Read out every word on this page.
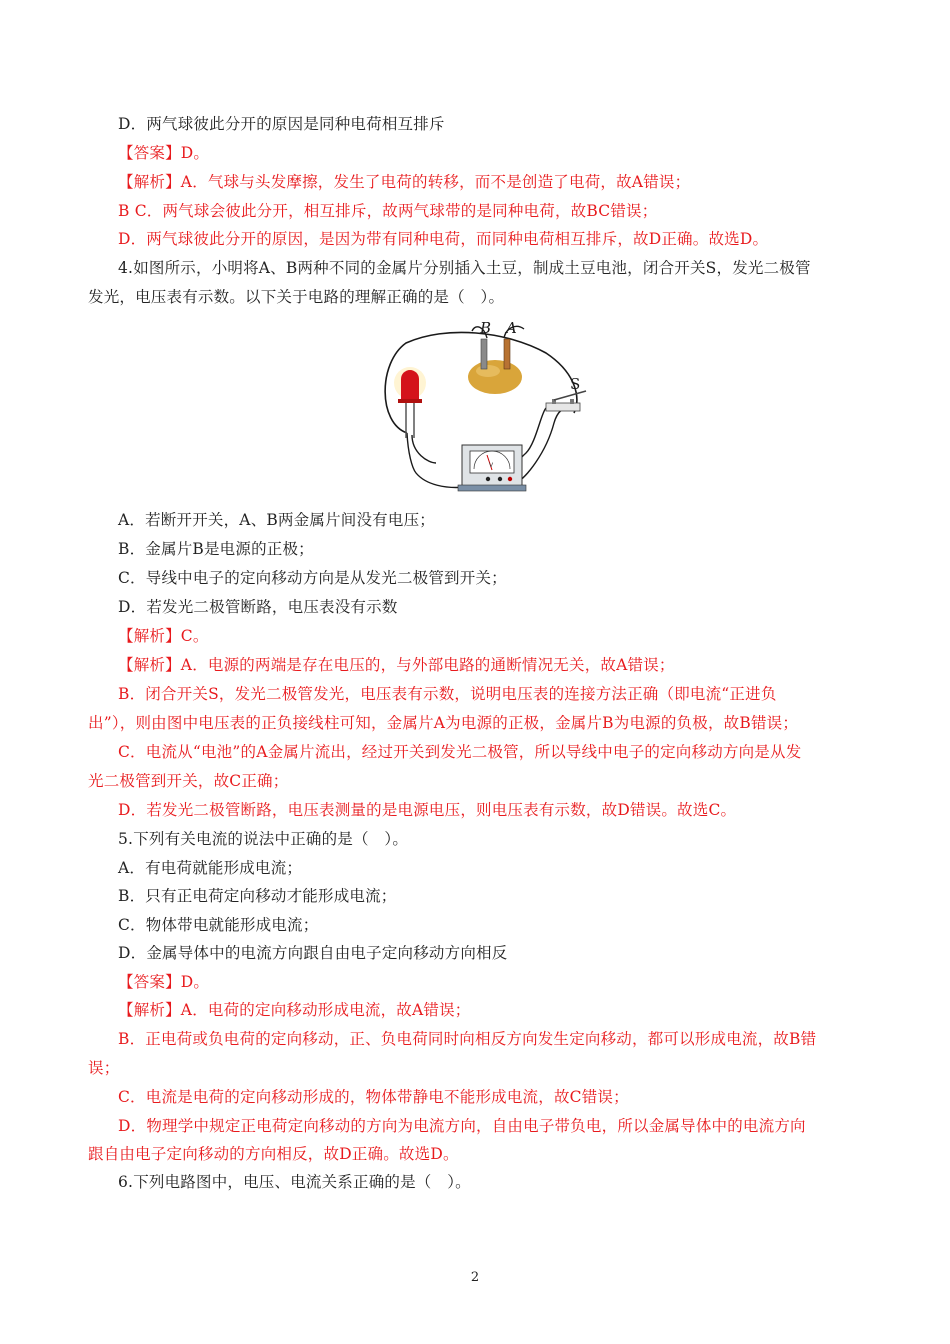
D．两气球彼此分开的原因是同种电荷相互排斥

【答案】D。

【解析】A．气球与头发摩擦，发生了电荷的转移，而不是创造了电荷，故A错误；

B C．两气球会彼此分开，相互排斥，故两气球带的是同种电荷，故BC错误；

D．两气球彼此分开的原因，是因为带有同种电荷，而同种电荷相互排斥，故D正确。故选D。

4.如图所示，小明将A、B两种不同的金属片分别插入土豆，制成土豆电池，闭合开关S，发光二极管

发光，电压表有示数。以下关于电路的理解正确的是（　）。

B A
S
V

A．若断开开关，A、B两金属片间没有电压；

B．金属片B是电源的正极；

C．导线中电子的定向移动方向是从发光二极管到开关；

D．若发光二极管断路，电压表没有示数

【解析】C。

【解析】A．电源的两端是存在电压的，与外部电路的通断情况无关，故A错误；

B．闭合开关S，发光二极管发光，电压表有示数，说明电压表的连接方法正确（即电流“正进负

出”），则由图中电压表的正负接线柱可知，金属片A为电源的正极，金属片B为电源的负极，故B错误；

C．电流从“电池”的A金属片流出，经过开关到发光二极管，所以导线中电子的定向移动方向是从发

光二极管到开关，故C正确；

D．若发光二极管断路，电压表测量的是电源电压，则电压表有示数，故D错误。故选C。

5.下列有关电流的说法中正确的是（　）。

A．有电荷就能形成电流；

B．只有正电荷定向移动才能形成电流；

C．物体带电就能形成电流；

D．金属导体中的电流方向跟自由电子定向移动方向相反

【答案】D。

【解析】A．电荷的定向移动形成电流，故A错误；

B．正电荷或负电荷的定向移动，正、负电荷同时向相反方向发生定向移动，都可以形成电流，故B错

误；

C．电流是电荷的定向移动形成的，物体带静电不能形成电流，故C错误；

D．物理学中规定正电荷定向移动的方向为电流方向，自由电子带负电，所以金属导体中的电流方向

跟自由电子定向移动的方向相反，故D正确。故选D。

6.下列电路图中，电压、电流关系正确的是（　）。

2
